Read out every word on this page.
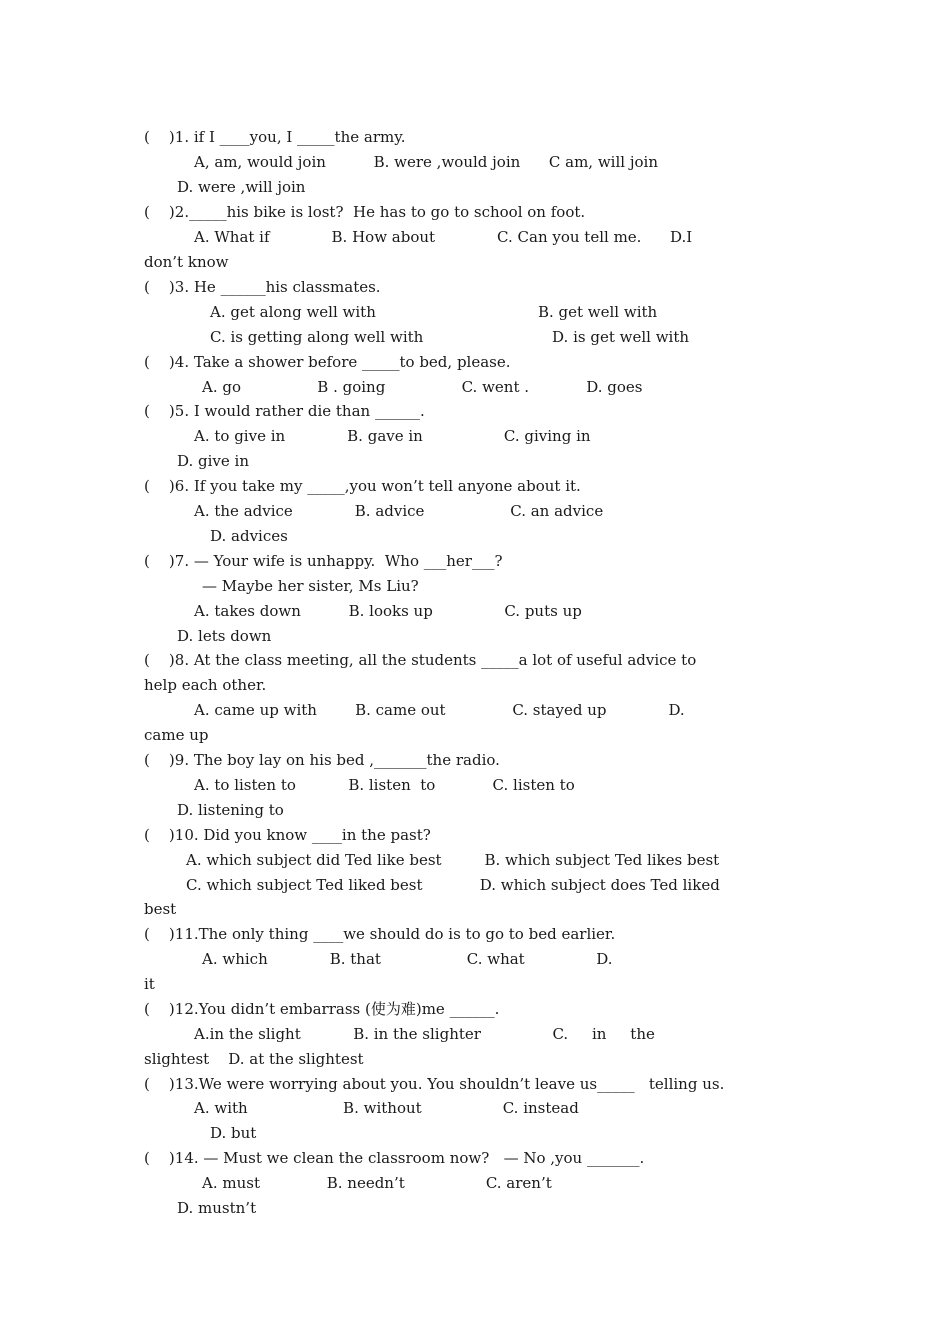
(    )1. if I ____you, I _____the army.
A, am, would join          B. were ,would join      C am, will join
D. were ,will join
(    )2._____his bike is lost?  He has to go to school on foot.
A. What if             B. How about             C. Can you tell me.      D.I
don’t know
(    )3. He ______his classmates.
A. get along well with                                  B. get well with
C. is getting along well with                           D. is get well with
(    )4. Take a shower before _____to bed, please.
A. go                B . going                C. went .            D. goes
(    )5. I would rather die than ______.
A. to give in             B. gave in                 C. giving in
D. give in
(    )6. If you take my _____,you won’t tell anyone about it.
A. the advice             B. advice                  C. an advice
D. advices
(    )7. — Your wife is unhappy.  Who ___her___?
— Maybe her sister, Ms Liu?
A. takes down          B. looks up               C. puts up
D. lets down
(    )8. At the class meeting, all the students _____a lot of useful advice to
help each other.
A. came up with        B. came out              C. stayed up             D.
came up
(    )9. The boy lay on his bed ,_______the radio.
A. to listen to           B. listen  to            C. listen to
D. listening to
(    )10. Did you know ____in the past?
A. which subject did Ted like best         B. which subject Ted likes best
C. which subject Ted liked best            D. which subject does Ted liked
best
(    )11.The only thing ____we should do is to go to bed earlier.
A. which             B. that                  C. what               D.
it
(    )12.You didn’t embarrass (使为难)me ______.
A.in the slight           B. in the slighter               C.     in     the
slightest    D. at the slightest
(    )13.We were worrying about you. You shouldn’t leave us_____   telling us.
A. with                    B. without                 C. instead
D. but
(    )14. — Must we clean the classroom now?   — No ,you _______.
A. must              B. needn’t                 C. aren’t
D. mustn’t
